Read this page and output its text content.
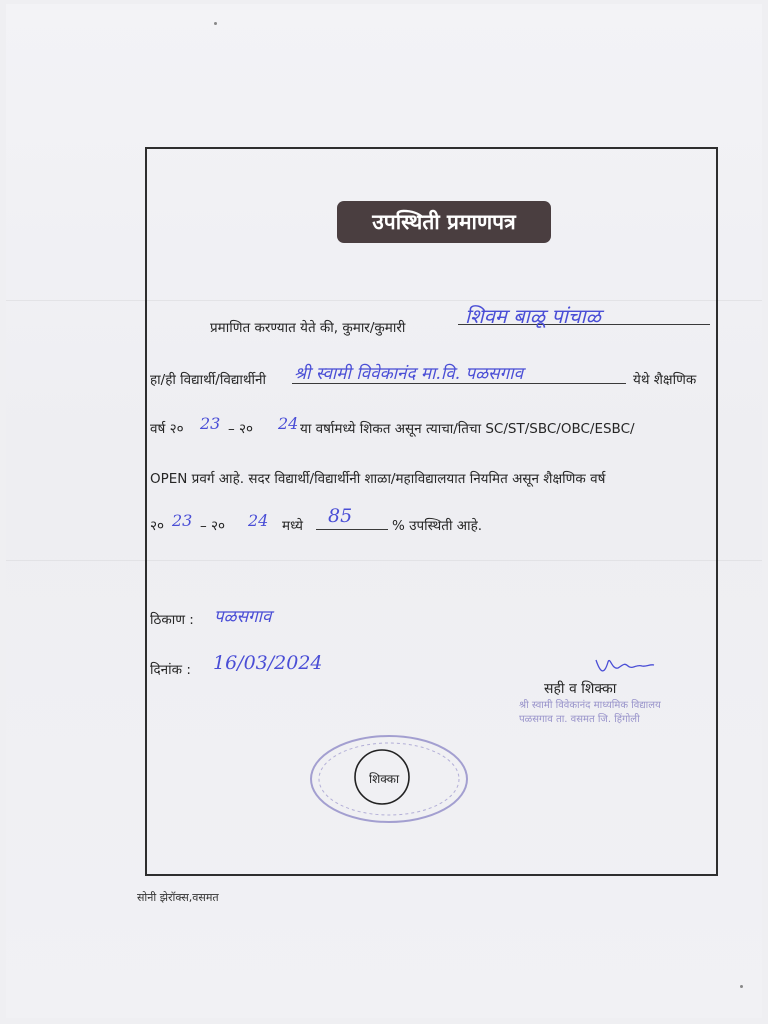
उपस्थिती प्रमाणपत्र
प्रमाणित करण्यात येते की, कुमार/कुमारी	शिवम बाळू पांचाळ
हा/ही विद्यार्थी/विद्यार्थीनी श्री स्वामी विवेकानंद मा.वि. पळसगाव	येथे शैक्षणिक
वर्ष २० 23 – २० 24 या वर्षामध्ये शिकत असून त्याचा/तिचा SC/ST/SBC/OBC/ESBC/
OPEN प्रवर्ग आहे. सदर विद्यार्थी/विद्यार्थीनी शाळा/महाविद्यालयात नियमित असून शैक्षणिक वर्ष
२० 23 – २० 24 मध्ये 85	% उपस्थिती आहे.
ठिकाण : पळसगाव
दिनांक : 16/03/2024
सही व शिक्का
श्री स्वामी विवेकानंद माध्यमिक विद्यालय
पळसगाव ता. वसमत जि. हिंगोली
शिक्का
सोनी झेरॉक्स,वसमत
